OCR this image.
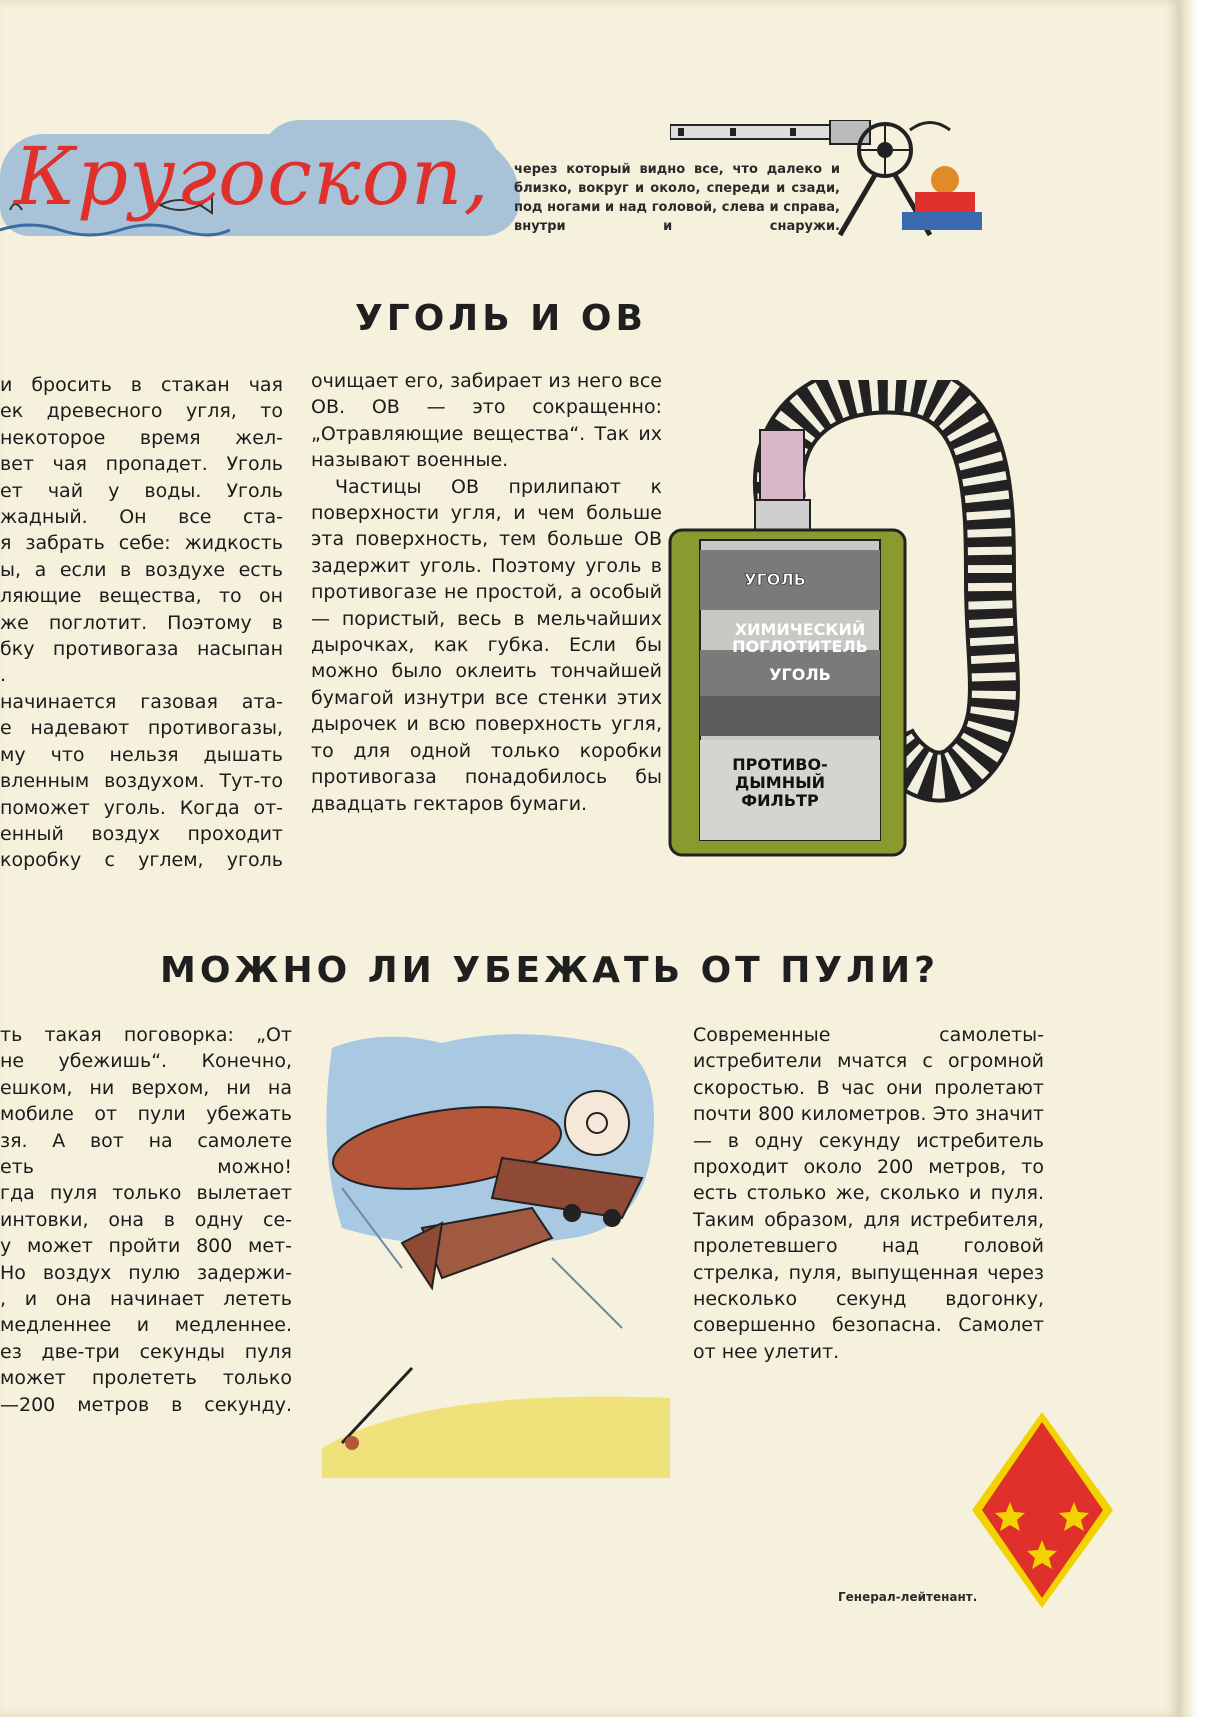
Кругоскоп, через который видно все, что далеко и близко, вокруг и около, спереди и сзади, под ногами и над головой, слева и справа, внутри и снаружи.
УГОЛЬ И ОВ
и бросить в стакан чая
ек древесного угля, то
некоторое время жел-
вет чая пропадет. Уголь
ет чай у воды. Уголь
жадный. Он все ста-
я забрать себе: жидкость
ы, а если в воздухе есть
ляющие вещества, то он
же поглотит. Поэтому в
бку противогаза насыпан
.
начинается газовая ата-
е надевают противогазы,
му что нельзя дышать
вленным воздухом. Тут-то
поможет уголь. Когда от-
енный воздух проходит
коробку с углем, уголь

очищает его, забирает из него все ОВ. ОВ — это сокращенно: „Отравляющие вещества“. Так их называют военные.

Частицы ОВ прилипают к поверхности угля, и чем больше эта поверхность, тем больше ОВ задержит уголь. Поэтому уголь в противогазе не простой, а особый — пористый, весь в мельчайших дырочках, как губка. Если бы можно было оклеить тончайшей бумагой изнутри все стенки этих дырочек и всю поверхность угля, то для одной только коробки противогаза понадобилось бы двадцать гектаров бумаги.

УГОЛЬ
ХИМИЧЕСКИЙ
ПОГЛОТИТЕЛЬ
УГОЛЬ
ПРОТИВО-
ДЫМНЫЙ
ФИЛЬТР
МОЖНО ЛИ УБЕЖАТЬ ОТ ПУЛИ?
ть такая поговорка: „От
не убежишь“. Конечно,
ешком, ни верхом, ни на
мобиле от пули убежать
зя. А вот на самолете
еть можно!
гда пуля только вылетает
интовки, она в одну се-
у может пройти 800 мет-
Но воздух пулю задержи-
, и она начинает лететь
медленнее и медленнее.
ез две-три секунды пуля
может пролететь только
—200 метров в секунду.

Современные самолеты-истребители мчатся с огромной скоростью. В час они пролетают почти 800 километров. Это значит — в одну секунду истребитель проходит около 200 метров, то есть столько же, сколько и пуля. Таким образом, для истребителя, пролетевшего над головой стрелка, пуля, выпущенная через несколько секунд вдогонку, совершенно безопасна. Самолет от нее улетит.

Генерал-лейтенант.
